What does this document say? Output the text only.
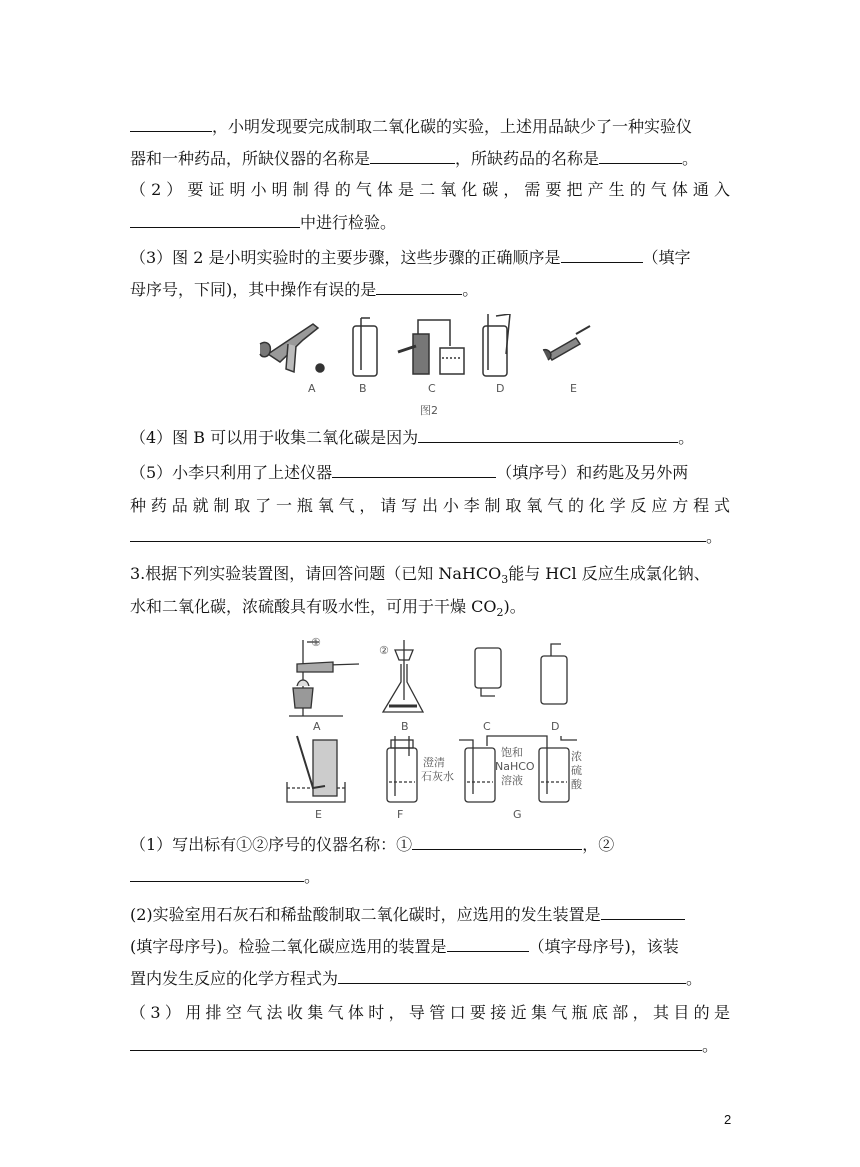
，小明发现要完成制取二氧化碳的实验，上述用品缺少了一种实验仪
器和一种药品，所缺仪器的名称是	，所缺药品的名称是	。
（2）要证明小明制得的气体是二氧化碳，需要把产生的气体通入
中进行检验。
（3）图 2 是小明实验时的主要步骤，这些步骤的正确顺序是	（填字
母序号，下同)，其中操作有误的是	。
A	B	C	D	E
图2
（4）图 B 可以用于收集二氧化碳是因为	。
（5）小李只利用了上述仪器	（填序号）和药匙及另外两
种药品就制取了一瓶氧气，请写出小李制取氧气的化学反应方程式
。
3.根据下列实验装置图，请回答问题（已知 NaHCO$_3$能与 HCl 反应生成氯化钠、
水和二氧化碳，浓硫酸具有吸水性，可用于干燥 $CO_2$)。
①
②
A	B	C	D
E	F	G
澄清
石灰水
饱和
NaHCO
溶液
浓
硫
酸
（1）写出标有①②序号的仪器名称：①	，②
。
(2)实验室用石灰石和稀盐酸制取二氧化碳时，应选用的发生装置是
(填字母序号)。检验二氧化碳应选用的装置是	（填字母序号)，该装
置内发生反应的化学方程式为	。
（3）用排空气法收集气体时，导管口要接近集气瓶底部，其目的是
。
2
